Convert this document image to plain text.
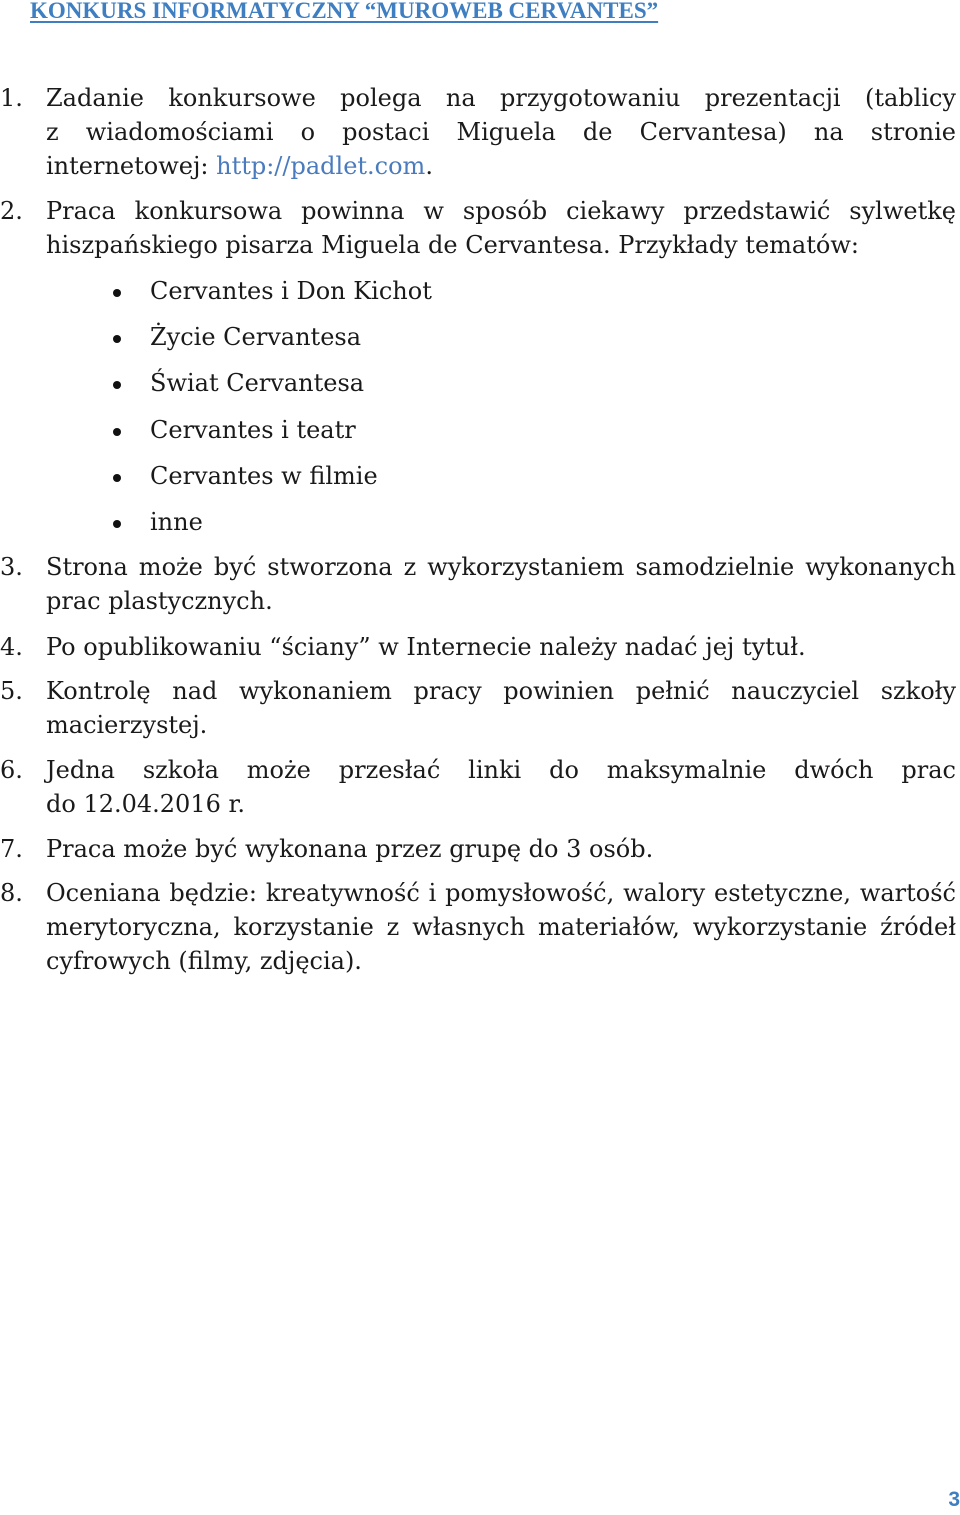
KONKURS INFORMATYCZNY “MUROWEB CERVANTES”
1. Zadanie konkursowe polega na przygotowaniu prezentacji (tablicy
z wiadomościami o postaci Miguela de Cervantesa) na stronie
internetowej: http://padlet.com.
2. Praca konkursowa powinna w sposób ciekawy przedstawić sylwetkę
hiszpańskiego pisarza Miguela de Cervantesa. Przykłady tematów:
Cervantes i Don Kichot
Życie Cervantesa
Świat Cervantesa
Cervantes i teatr
Cervantes w filmie
inne
3. Strona może być stworzona z wykorzystaniem samodzielnie wykonanych
prac plastycznych.
4. Po opublikowaniu “ściany” w Internecie należy nadać jej tytuł.
5. Kontrolę nad wykonaniem pracy powinien pełnić nauczyciel szkoły
macierzystej.
6. Jedna szkoła może przesłać linki do maksymalnie dwóch prac
do 12.04.2016 r.
7. Praca może być wykonana przez grupę do 3 osób.
8. Oceniana będzie: kreatywność i pomysłowość, walory estetyczne, wartość
merytoryczna, korzystanie z własnych materiałów, wykorzystanie źródeł
cyfrowych (filmy, zdjęcia).
3
